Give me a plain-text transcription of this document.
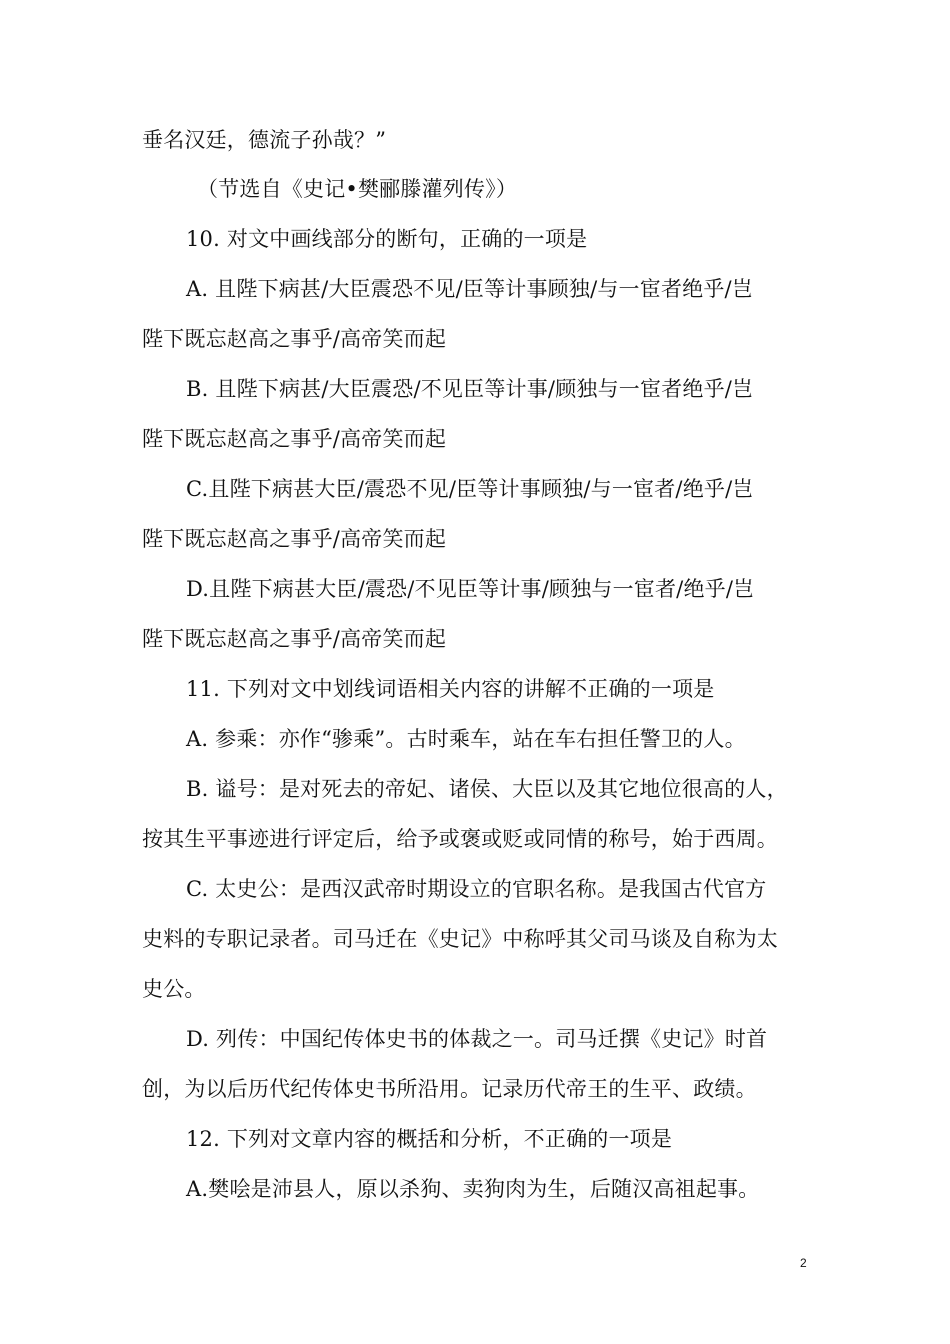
垂名汉廷，德流子孙哉？”
（节选自《史记•樊郦滕灌列传》）
10. 对文中画线部分的断句，正确的一项是
A. 且陛下病甚/大臣震恐不见/臣等计事顾独/与一宦者绝乎/岂
陛下既忘赵高之事乎/高帝笑而起
B. 且陛下病甚/大臣震恐/不见臣等计事/顾独与一宦者绝乎/岂
陛下既忘赵高之事乎/高帝笑而起
C.且陛下病甚大臣/震恐不见/臣等计事顾独/与一宦者/绝乎/岂
陛下既忘赵高之事乎/高帝笑而起
D.且陛下病甚大臣/震恐/不见臣等计事/顾独与一宦者/绝乎/岂
陛下既忘赵高之事乎/高帝笑而起
11. 下列对文中划线词语相关内容的讲解不正确的一项是
A. 参乘：亦作“骖乘”。古时乘车，站在车右担任警卫的人。
B. 谥号：是对死去的帝妃、诸侯、大臣以及其它地位很高的人，
按其生平事迹进行评定后，给予或褒或贬或同情的称号，始于西周。
C. 太史公：是西汉武帝时期设立的官职名称。是我国古代官方
史料的专职记录者。司马迁在《史记》中称呼其父司马谈及自称为太
史公。
D. 列传：中国纪传体史书的体裁之一。司马迁撰《史记》时首
创，为以后历代纪传体史书所沿用。记录历代帝王的生平、政绩。
12. 下列对文章内容的概括和分析，不正确的一项是
A.樊哙是沛县人，原以杀狗、卖狗肉为生，后随汉高祖起事。
2
